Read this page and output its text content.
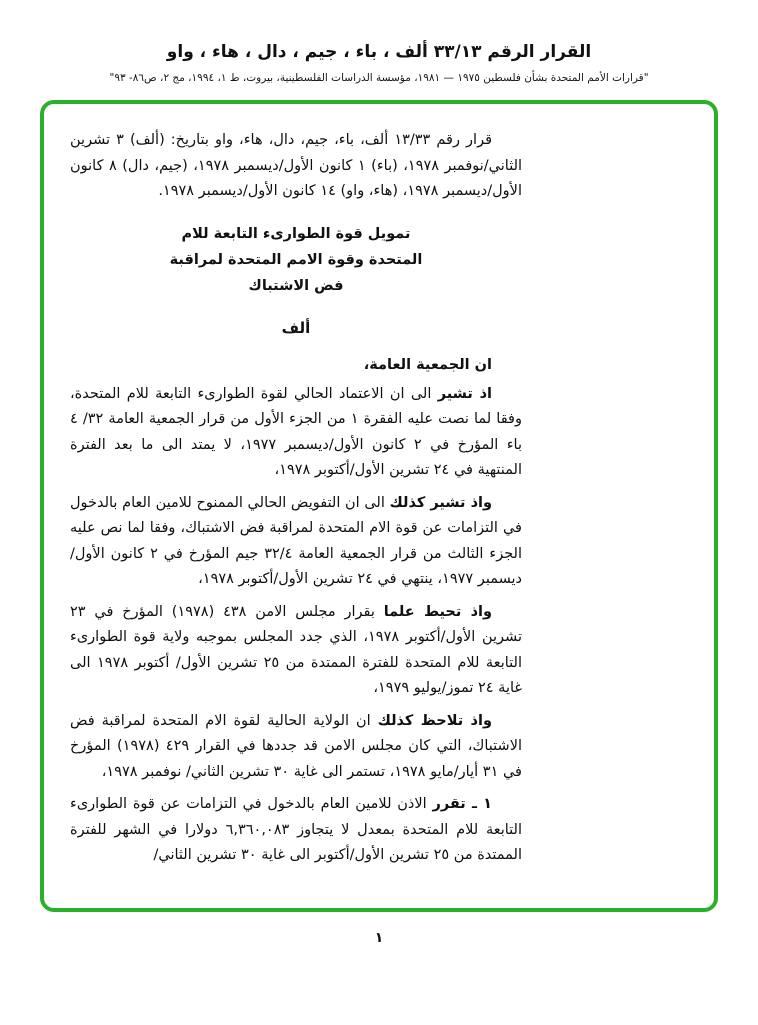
القرار الرقم ٣٣/١٣ ألف ، باء ، جيم ، دال ، هاء ، واو
"قرارات الأمم المتحدة بشأن فلسطين ١٩٧٥ — ١٩٨١، مؤسسة الدراسات الفلسطينية، بيروت، ط ١، ١٩٩٤، مج ٢، ص٨٦- ٩٣"

قرار رقم ١٣/٣٣ ألف، باء، جيم، دال، هاء، واو بتاريخ: (ألف) ٣ تشرين الثاني/نوفمبر ١٩٧٨، (باء) ١ كانون الأول/ديسمبر ١٩٧٨، (جيم، دال) ٨ كانون الأول/ديسمبر ١٩٧٨، (هاء، واو) ١٤ كانون الأول/ديسمبر ١٩٧٨.

تمويل قوة الطوارىء التابعة للام
المتحدة وقوة الامم المتحدة لمراقبة
فض الاشتباك
ألف

ان الجمعية العامة،

اذ تشير الى ان الاعتماد الحالي لقوة الطوارىء التابعة للام المتحدة، وفقا لما نصت عليه الفقرة ١ من الجزء الأول من قرار الجمعية العامة ٣٢/ ٤ باء المؤرخ في ٢ كانون الأول/ديسمبر ١٩٧٧، لا يمتد الى ما بعد الفترة المنتهية في ٢٤ تشرين الأول/أكتوبر ١٩٧٨،

واذ تشير كذلك الى ان التفويض الحالي الممنوح للامين العام بالدخول في التزامات عن قوة الام المتحدة لمراقبة فض الاشتباك، وفقا لما نص عليه الجزء الثالث من قرار الجمعية العامة ٣٢/٤ جيم المؤرخ في ٢ كانون الأول/ديسمبر ١٩٧٧، ينتهي في ٢٤ تشرين الأول/أكتوبر ١٩٧٨،

واذ تحيط علما بقرار مجلس الامن ٤٣٨ (١٩٧٨) المؤرخ في ٢٣ تشرين الأول/أكتوبر ١٩٧٨، الذي جدد المجلس بموجبه ولاية قوة الطوارىء التابعة للام المتحدة للفترة الممتدة من ٢٥ تشرين الأول/ أكتوبر ١٩٧٨ الى غاية ٢٤ تموز/يوليو ١٩٧٩،

واذ تلاحظ كذلك ان الولاية الحالية لقوة الام المتحدة لمراقبة فض الاشتباك، التي كان مجلس الامن قد جددها في القرار ٤٢٩ (١٩٧٨) المؤرخ في ٣١ أيار/مايو ١٩٧٨، تستمر الى غاية ٣٠ تشرين الثاني/ نوفمبر ١٩٧٨،

١ ـ تقرر الاذن للامين العام بالدخول في التزامات عن قوة الطوارىء التابعة للام المتحدة بمعدل لا يتجاوز ٦,٣٦٠,٠٨٣ دولارا في الشهر للفترة الممتدة من ٢٥ تشرين الأول/أكتوبر الى غاية ٣٠ تشرين الثاني/

١
